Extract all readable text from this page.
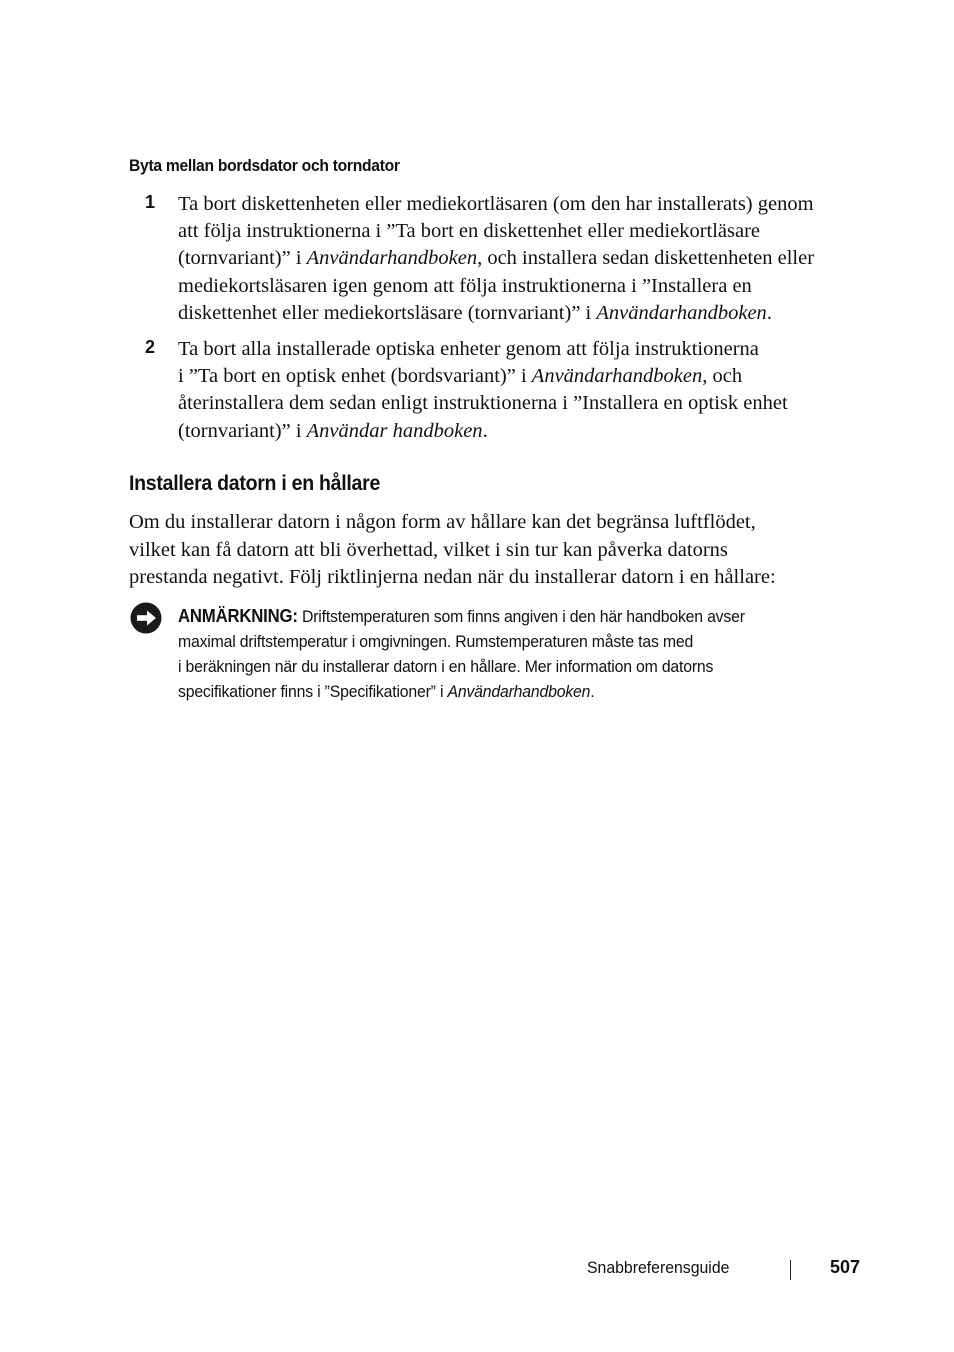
Byta mellan bordsdator och torndator
1 Ta bort diskettenheten eller mediekortläsaren (om den har installerats) genom

att följa instruktionerna i ”Ta bort en diskettenhet eller mediekortläsare

(tornvariant)” i Användarhandboken, och installera sedan diskettenheten eller

mediekortsläsaren igen genom att följa instruktionerna i ”Installera en

diskettenhet eller mediekortsläsare (tornvariant)” i Användarhandboken.

2 Ta bort alla installerade optiska enheter genom att följa instruktionerna

i ”Ta bort en optisk enhet (bordsvariant)” i Användarhandboken, och

återinstallera dem sedan enligt instruktionerna i ”Installera en optisk enhet

(tornvariant)” i Användar handboken.

Installera datorn i en hållare

Om du installerar datorn i någon form av hållare kan det begränsa luftflödet,

vilket kan få datorn att bli överhettad, vilket i sin tur kan påverka datorns

prestanda negativt. Följ riktlinjerna nedan när du installerar datorn i en hållare:

ANMÄRKNING: Driftstemperaturen som finns angiven i den här handboken avser

maximal driftstemperatur i omgivningen. Rumstemperaturen måste tas med

i beräkningen när du installerar datorn i en hållare. Mer information om datorns

specifikationer finns i ”Specifikationer” i Användarhandboken.

Snabbreferensguide	507
